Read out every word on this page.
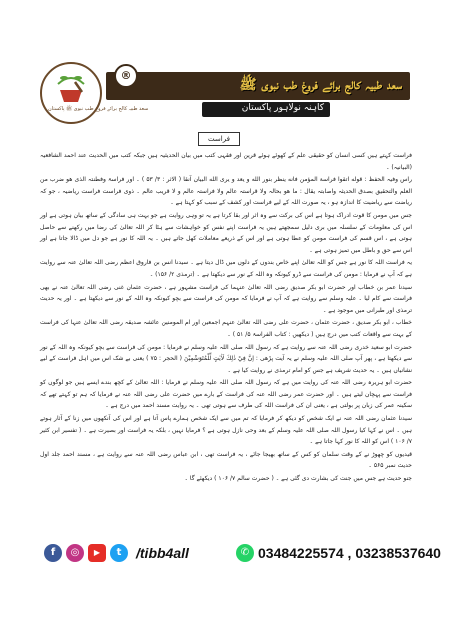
سعد طبیہ کالج برائے فروغ طب نبوی ﷺ پاکستان
®
سعد طبیہ کالج برائے فروغ طب نبوی ﷺ
کاہنہ نولاہور پاکستان
فراست

فراست کہتے ہیں کسی انسان کو حقیقی علم کے کھوئے ہوئے قرین اور فقہی کتب میں بیان الحدیثیہ ہیں جبکہ کتب میں الحدیث عند احمد الشافعیہ (البیانیہ) ۔

راس وفیہ الحفظ : قوله اتقوا فراسة المؤمن فانه ینظر بنور الله و یعد و یری الله البیان آنقا ( الاثر : ۳/ ۵۳ ) ۔ اور فراسۃ وفطنتہ الذی ھو ضرب من العلم والتحقیق بصدق الحدیثہ واصابتہ یقال : ما ھو بحالہ ولا قراستہ عالم ولا فراستہ عالم و لا قریب عالم ۔ ذوی فراست فراست ریاضیہ ، جو کہ ریاضت سے ریاضیت کا اندازہ ہو ، یہ صورت اللہ کے لیے فراست اور کشف کے سبب کو کہتا ہے ۔

جس میں مومن کا قوت ادراک ہوتا ہے اس کی برکت سے وہ اثر اور بقا کرتا ہے یہ تو وہی روایت ہے جو بہت ہی سادگی کے ساتھ بیان ہوتی ہے اور اس کی معلومات کے سلسلہ میں بری دلیل سمجھتے ہیں یہ فراست اپنے نفس کو خواہشات سے ہٹا کر اللہ تعالیٰ کی رضا میں رکھنے سے حاصل ہوتی ہے ، اس قسم کی فراست مومن کو عطا ہوتی ہے اور اس کے ذریعے معاملات کھل جاتے ہیں ۔ یہ اللہ کا نور ہے جو دل میں ڈالا جاتا ہے اور اس سے حق و باطل میں تمیز ہوتی ہے ۔

یہ فراست اللہ کا نور ہے جس کو اللہ تعالیٰ اپنے خاص بندوں کے دلوں میں ڈال دیتا ہے ۔ سیدنا انس بن فاروق اعظم رضی اللہ تعالیٰ عنہ سے روایت ہے کہ آپ نے فرمایا : مومن کی فراست سے ڈرو کیونکہ وہ اللہ کے نور سے دیکھتا ہے ۔ (ترمذی ۲/ ۱۵۶) ۔

سیدنا عمر بن خطاب اور حضرت ابو بکر صدیق رضی اللہ تعالیٰ عنہما کی فراست مشہور ہے ، حضرت عثمان غنی رضی اللہ تعالیٰ عنہ نے بھی فراست سے کام لیا ۔ علیہ وسلم سے روایت ہے کہ آپ نے فرمایا کہ مومن کی فراست سے بچو کیونکہ وہ اللہ کے نور سے دیکھتا ہے ۔ اور یہ حدیث ترمذی اور طبرانی میں موجود ہے ۔

خطاب ، ابو بکر صدیق ، حضرت عثمان ، حضرت علی رضی اللہ تعالیٰ عنہم اجمعین اور ام المومنین عائشہ صدیقہ رضی اللہ تعالیٰ عنہا کی فراست کے بہت سے واقعات کتب میں درج ہیں ( دیکھیں : کتاب الفراسۃ ۵/ ۵۱ ) ۔

حضرت ابو سعید خدری رضی اللہ عنہ سے روایت ہے کہ رسول اللہ صلی اللہ علیہ وسلم نے فرمایا : مومن کی فراست سے بچو کیونکہ وہ اللہ کے نور سے دیکھتا ہے ، پھر آپ صلی اللہ علیہ وسلم نے یہ آیت پڑھی : اِنَّ فِيْ ذٰلِكَ لَاٰيٰتٍ لِّلْمُتَوَسِّمِيْنَ ( الحجر : ۷۵ ) یعنی بے شک اس میں اہل فراست کے لیے نشانیاں ہیں ۔ یہ حدیث شریف ہے جس کو امام ترمذی نے روایت کیا ہے ۔

حضرت ابو ہریرہ رضی اللہ عنہ کی روایت میں ہے کہ رسول اللہ صلی اللہ علیہ وسلم نے فرمایا : اللہ تعالیٰ کے کچھ بندے ایسے ہیں جو لوگوں کو فراست سے پہچان لیتے ہیں ۔ اور حضرت عمر رضی اللہ عنہ کی فراست کے بارے میں حضرت علی رضی اللہ عنہ نے فرمایا کہ ہم تو کہتے تھے کہ سکینہ عمر کی زبان پر بولتی ہے ، یعنی ان کی فراست اللہ کی طرف سے ہوتی تھی ۔ یہ روایت مسند احمد میں درج ہے ۔

سیدنا عثمان رضی اللہ عنہ نے ایک شخص کو دیکھ کر فرمایا کہ تم میں سے ایک شخص ہمارے پاس آتا ہے اور اس کی آنکھوں میں زنا کے آثار ہوتے ہیں ۔ اس نے کہا کیا رسول اللہ صلی اللہ علیہ وسلم کے بعد وحی نازل ہوتی ہے ؟ فرمایا نہیں ، بلکہ یہ فراست اور بصیرت ہے ۔ ( تفسیر ابن کثیر ۷/ ۱۰۶ ) اس کو اللہ کا نور کہا جاتا ہے ۔

قیدیوں کو چھوڑ نے کے وقت سلمان کو کس کے ساتھ بھیجا جائے ، یہ فراست تھی ، ابن عباس رضی اللہ عنہ سے روایت ہے ، مسند احمد جلد اول حدیث نمبر ۵۶۵ ۔

جنو حدیث ہے جس میں جنت کی بشارت دی گئی ہے ۔ ( حضرت سالم ۷/ ۱۰۶ ) دیکھئے گا ۔

f	◎	▶	t	/tibb4all	✆ 03484225574 , 03238537640
